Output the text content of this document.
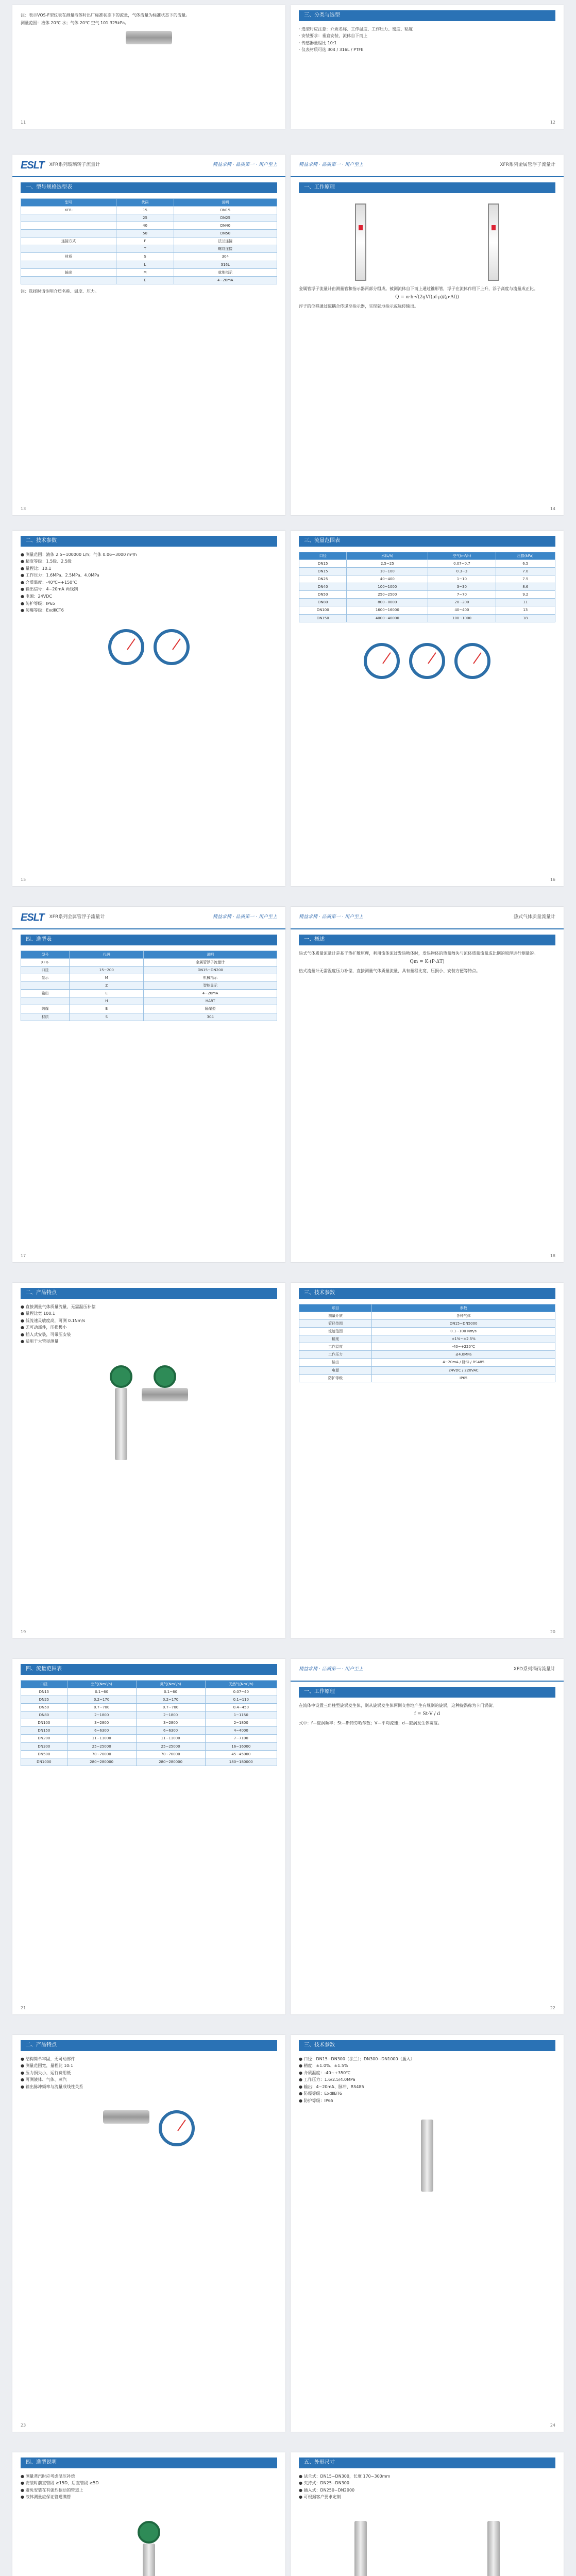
注：表示VOS-F型仪表在测量液体时出厂标准状态下的流量，气体流量为标准状态下的流量。

测量范围：液体 20℃ 水；气体 20℃ 空气 101.325kPa。

11
三、分类与选型
· 选型时应注意：介质名称、工作温度、工作压力、密度、粘度
· 安装要求：垂直安装，流体自下而上
· 传感器量程比 10:1
· 仪表材质可选 304 / 316L / PTFE
12
ESLT XFR系列玻璃转子流量计	精益求精 · 品质第一 · 用户至上
一、型号规格选型表
型号	代码	说明
XFR-	15	DN15
	25	DN25
	40	DN40
	50	DN50
连接方式	F	法兰连接
	T	螺纹连接
材质	S	304
	L	316L
输出	M	就地指示
	E	4~20mA

注：选择时请注明介质名称、温度、压力。

13
精益求精 · 品质第一 · 用户至上	XFR系列金属管浮子流量计
一、工作原理

金属管浮子流量计由测量管和指示器两部分组成。被测流体自下而上通过锥形管，浮子在流体作用下上升，浮子高度与流量成正比。

Q = α·h·√(2gVf(ρf-ρ)/(ρ·Af))

浮子的位移通过磁耦合传递至指示器，实现就地指示或远传输出。

14
二、技术参数
● 测量范围：液体 2.5~100000 L/h；气体 0.06~3000 m³/h
● 精度等级：1.5级、2.5级
● 量程比：10:1
● 工作压力：1.6MPa、2.5MPa、4.0MPa
● 介质温度：-40℃~+150℃
● 输出信号：4~20mA 两线制
● 电源：24VDC
● 防护等级：IP65
● 防爆等级：ExdⅡCT6
15
三、流量范围表
口径	水(L/h)	空气(m³/h)	压损(kPa)
DN15	2.5~25	0.07~0.7	6.5
DN15	10~100	0.3~3	7.0
DN25	40~400	1~10	7.5
DN40	100~1000	3~30	8.6
DN50	250~2500	7~70	9.2
DN80	800~8000	20~200	11
DN100	1600~16000	40~400	13
DN150	4000~40000	100~1000	18
16
ESLT XFR系列金属管浮子流量计	精益求精 · 品质第一 · 用户至上
四、选型表
型号	代码	说明
XFR-		金属管浮子流量计
口径	15~200	DN15~DN200
显示	M	机械指示
	Z	智能显示
输出	E	4~20mA
	H	HART
防爆	B	隔爆型
材质	S	304
17
精益求精 · 品质第一 · 用户至上	热式气体质量流量计
一、概述

热式气体质量流量计是基于热扩散原理，利用流体流过发热物体时，发热物体的热量散失与流体质量流量成比例的原理进行测量的。

Qm = K·(P·ΔT)

热式流量计无需温度压力补偿，直接测量气体质量流量，具有量程比宽、压损小、安装方便等特点。

18
二、产品特点
● 直接测量气体质量流量，无需温压补偿
● 量程比宽 100:1
● 低流速灵敏度高，可测 0.1Nm/s
● 无可动部件，压损极小
● 插入式安装，可带压安装
● 适用于大管径测量
19
三、技术参数
项目	参数
测量介质	各种气体
管径范围	DN15~DN5000
流速范围	0.1~100 Nm/s
精度	±1%~±2.5%
工作温度	-40~+220℃
工作压力	≤4.0MPa
输出	4~20mA / 脉冲 / RS485
电源	24VDC / 220VAC
防护等级	IP65
20
四、流量范围表
口径	空气(Nm³/h)	氮气(Nm³/h)	天然气(Nm³/h)
DN15	0.1~60	0.1~60	0.07~40
DN25	0.2~170	0.2~170	0.1~110
DN50	0.7~700	0.7~700	0.4~450
DN80	2~1800	2~1800	1~1150
DN100	3~2800	3~2800	2~1800
DN150	6~6300	6~6300	4~4000
DN200	11~11000	11~11000	7~7100
DN300	25~25000	25~25000	16~16000
DN500	70~70000	70~70000	45~45000
DN1000	280~280000	280~280000	180~180000
21
精益求精 · 品质第一 · 用户至上	XFD系列涡街流量计
一、工作原理

在流体中设置三角柱型旋涡发生体，则从旋涡发生体两侧交替地产生有规则的旋涡，这种旋涡称为卡门涡街。

f = St·V / d

式中：f—旋涡频率；St—斯特劳哈尔数；V—平均流速；d—旋涡发生体宽度。

22
二、产品特点
● 结构简单牢固，无可动部件
● 测量范围宽，量程比 10:1
● 压力损失小，运行费用低
● 可测液体、气体、蒸汽
● 输出脉冲频率与流量成线性关系
23
三、技术参数
● 口径：DN15~DN300（法兰）；DN300~DN1000（插入）
● 精度：±1.0%、±1.5%
● 介质温度：-40~+350℃
● 工作压力：1.6/2.5/4.0MPa
● 输出：4~20mA、脉冲、RS485
● 防爆等级：ExdⅡBT6
● 防护等级：IP65
24
四、选型说明
● 测量蒸汽时应考虑温压补偿
● 安装时前直管段 ≥15D，后直管段 ≥5D
● 避免安装在有强烈振动的管道上
● 液体测量应保证管道满管
五、外形尺寸
● 法兰式：DN15~DN300，长度 170~300mm
● 夹持式：DN25~DN300
● 插入式：DN250~DN2000
● 可根据客户要求定制
